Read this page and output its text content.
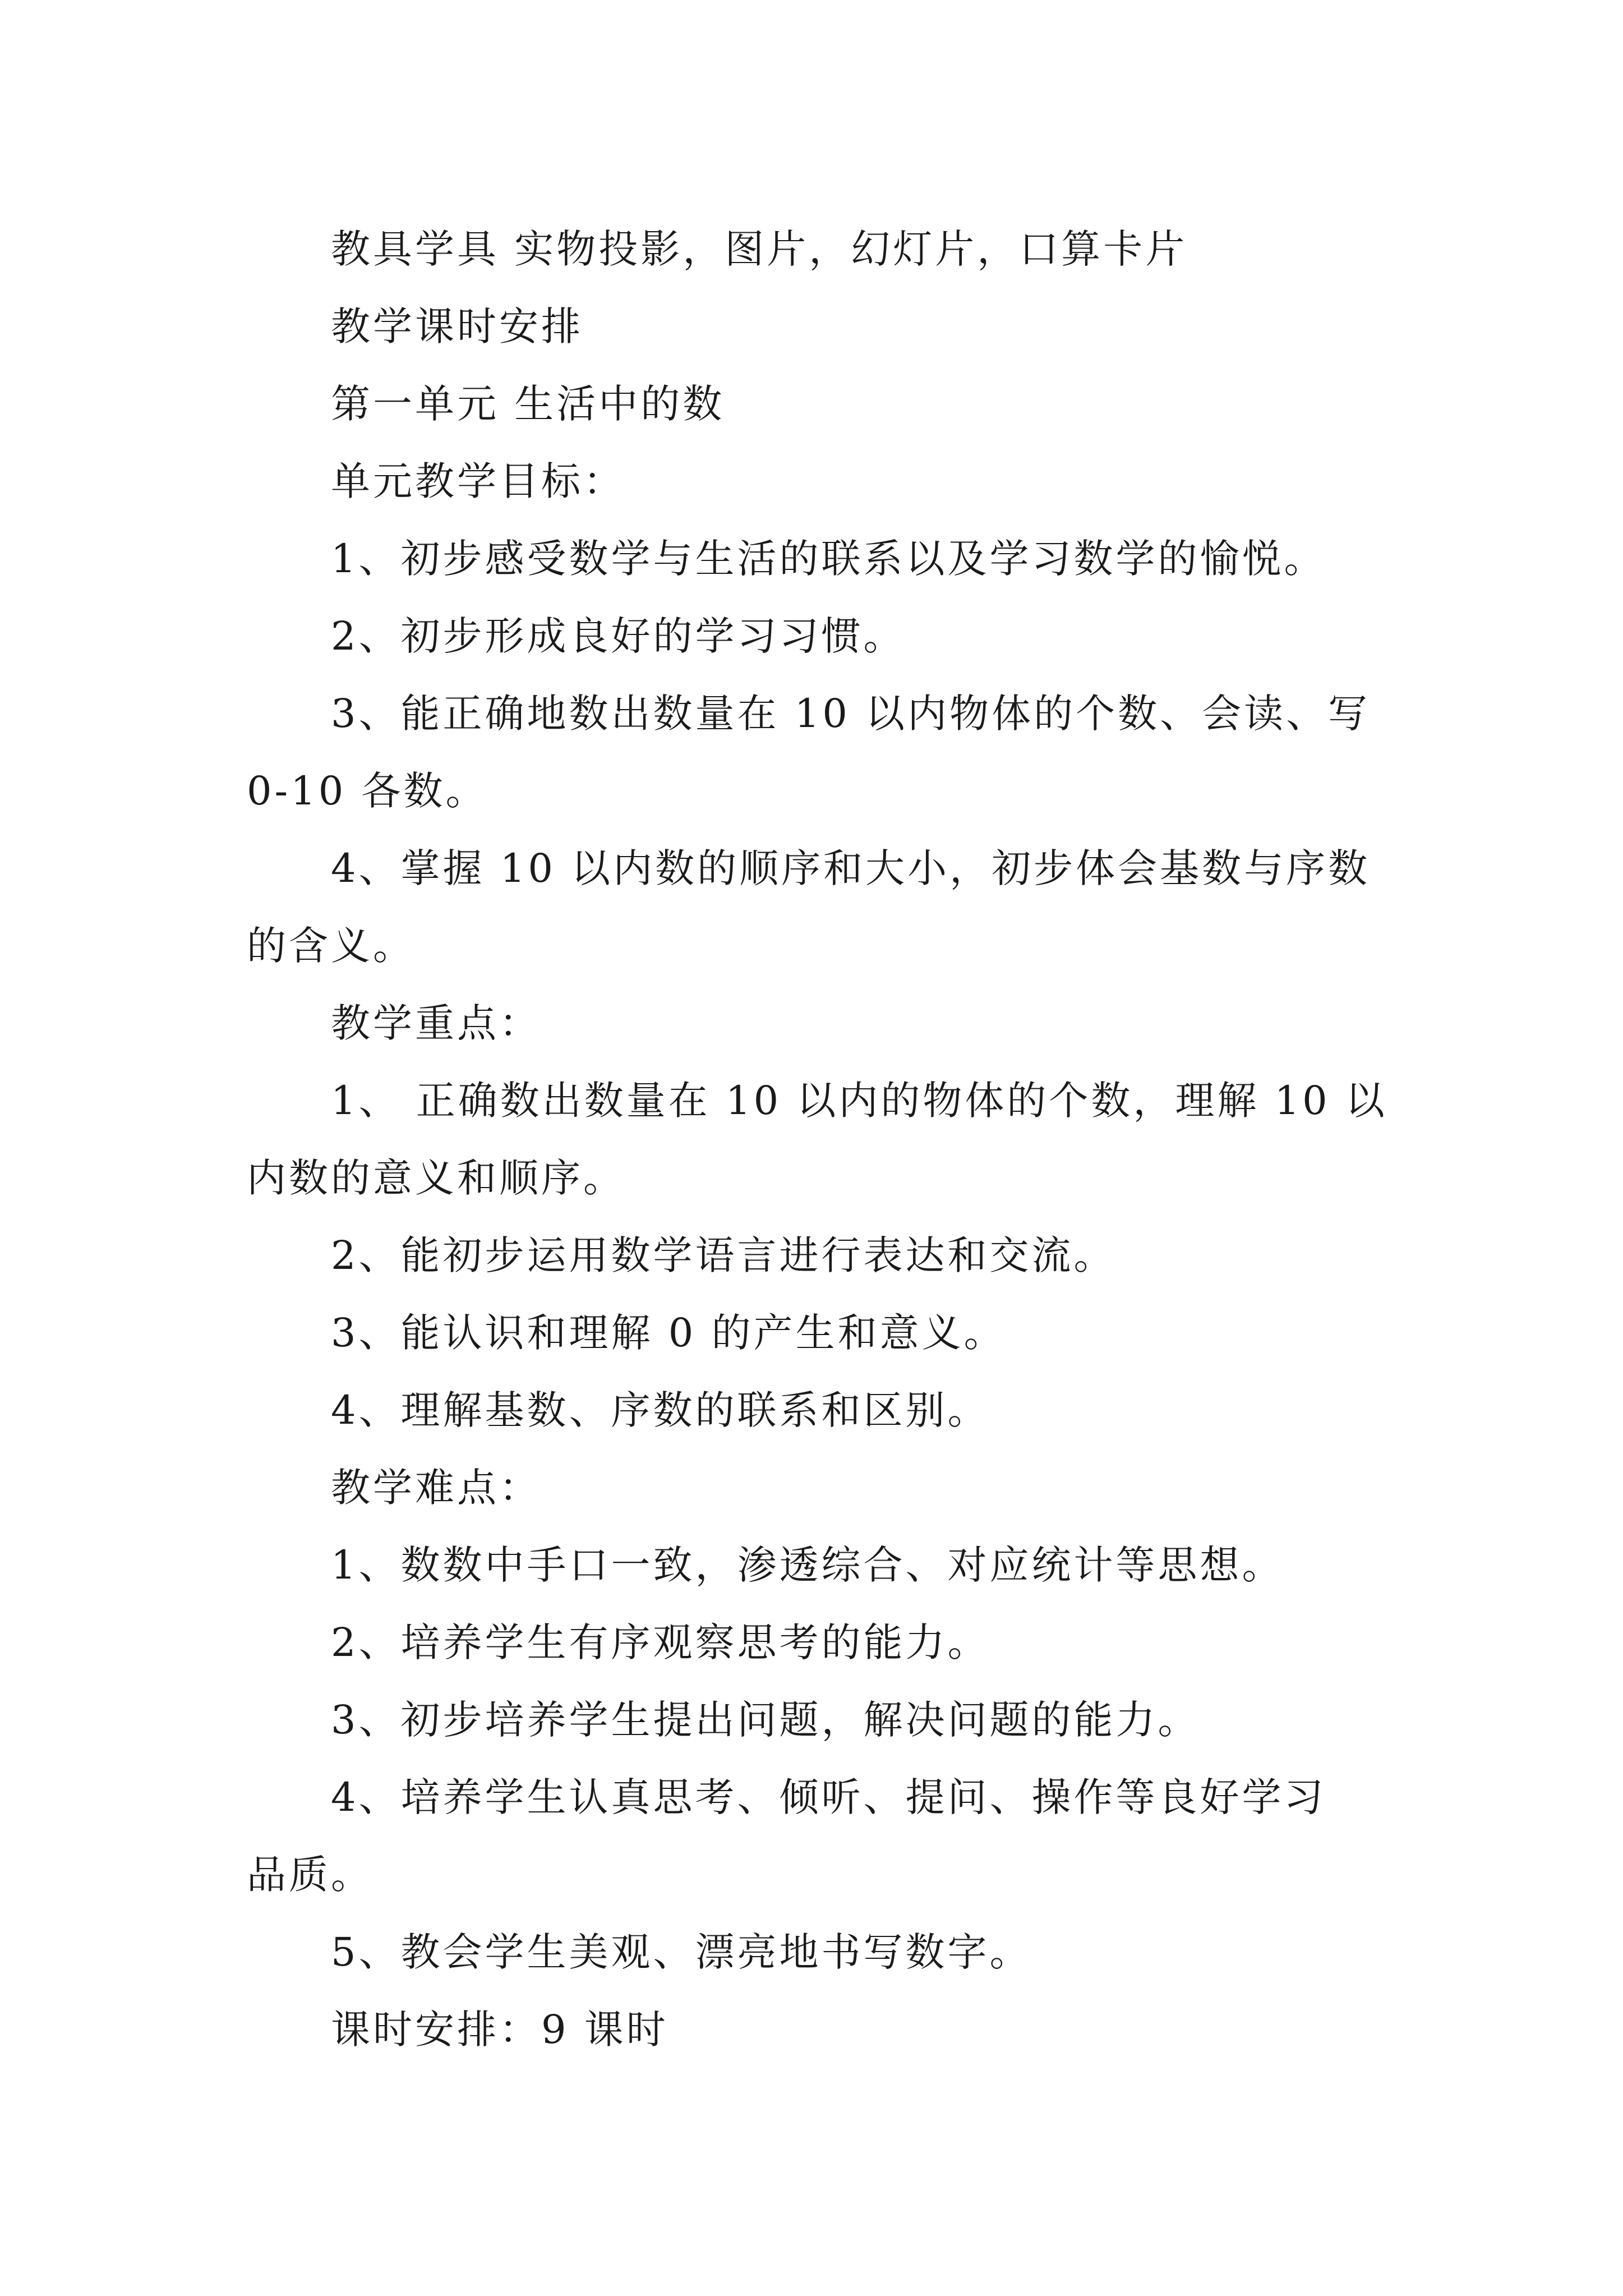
教具学具 实物投影，图片，幻灯片，口算卡片

教学课时安排

第一单元 生活中的数

单元教学目标：

1、初步感受数学与生活的联系以及学习数学的愉悦。

2、初步形成良好的学习习惯。

3、能正确地数出数量在 10 以内物体的个数、会读、写

0-10 各数。

4、掌握 10 以内数的顺序和大小，初步体会基数与序数

的含义。

教学重点：

1、 正确数出数量在 10 以内的物体的个数，理解 10 以

内数的意义和顺序。

2、能初步运用数学语言进行表达和交流。

3、能认识和理解 0 的产生和意义。

4、理解基数、序数的联系和区别。

教学难点：

1、数数中手口一致，渗透综合、对应统计等思想。

2、培养学生有序观察思考的能力。

3、初步培养学生提出问题，解决问题的能力。

4、培养学生认真思考、倾听、提问、操作等良好学习

品质。

5、教会学生美观、漂亮地书写数字。

课时安排：9 课时
